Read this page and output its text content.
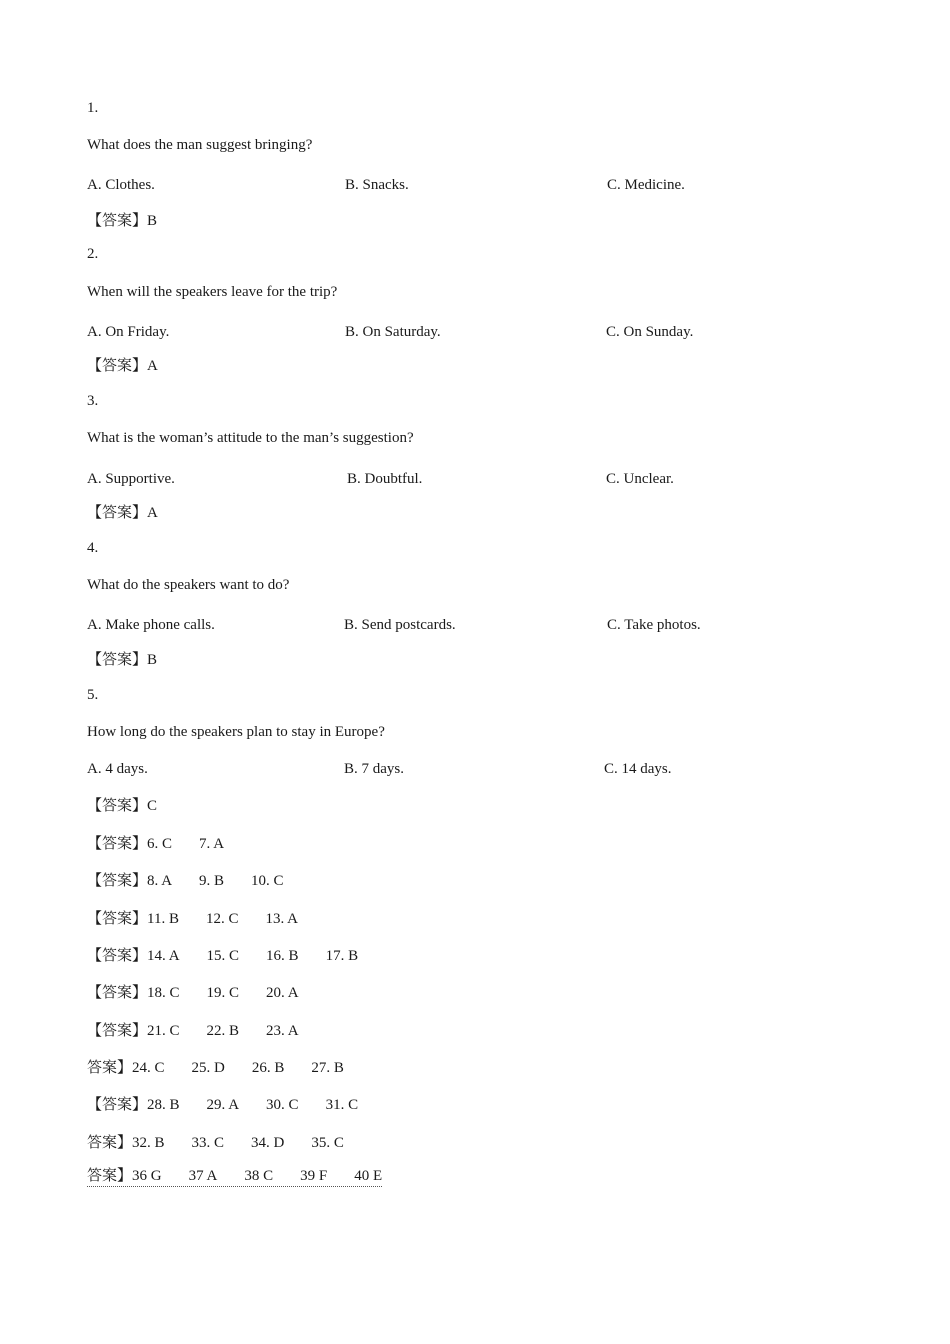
1.
What does the man suggest bringing?
A. Clothes.	B. Snacks.	C. Medicine.
【答案】B
2.
When will the speakers leave for the trip?
A. On Friday.	B. On Saturday.	C. On Sunday.
【答案】A
3.
What is the woman’s attitude to the man’s suggestion?
A. Supportive.	B. Doubtful.	C. Unclear.
【答案】A
4.
What do the speakers want to do?
A. Make phone calls.	B. Send postcards.	C. Take photos.
【答案】B
5.
How long do the speakers plan to stay in Europe?
A. 4 days.	B. 7 days.	C. 14 days.
【答案】C
【答案】6. C 7. A
【答案】8. A 9. B 10. C
【答案】11. B 12. C 13. A
【答案】14. A 15. C 16. B 17. B
【答案】18. C 19. C 20. A
【答案】21. C 22. B 23. A
答案】24. C 25. D 26. B 27. B
【答案】28. B 29. A 30. C 31. C
答案】32. B 33. C 34. D 35. C
答案】36 G 37 A 38 C 39 F 40 E
